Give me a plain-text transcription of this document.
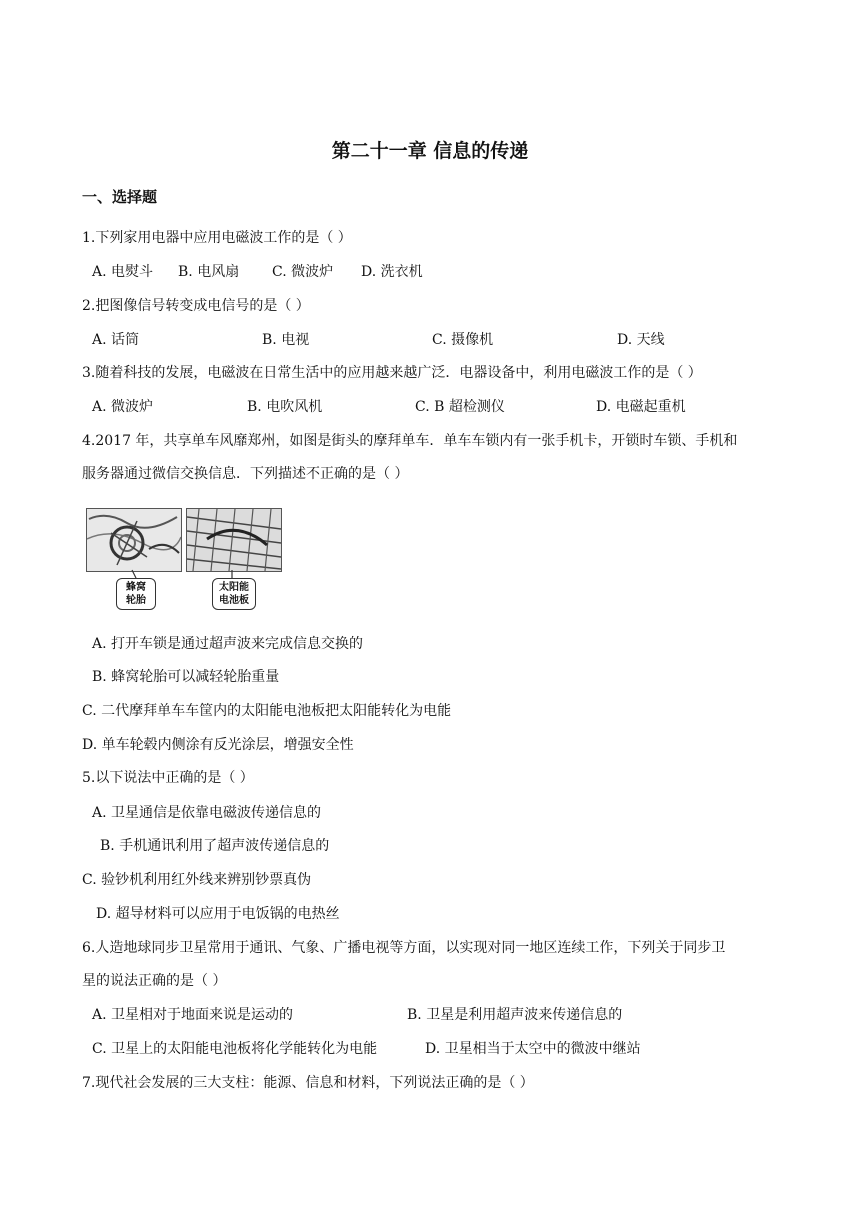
第二十一章 信息的传递
一、选择题
1.下列家用电器中应用电磁波工作的是（ ）
A. 电熨斗 B. 电风扇 C. 微波炉 D. 洗衣机
2.把图像信号转变成电信号的是（ ）
A. 话筒	B. 电视	C. 摄像机	D. 天线
3.随着科技的发展，电磁波在日常生活中的应用越来越广泛．电器设备中，利用电磁波工作的是（ ）
A. 微波炉	B. 电吹风机	C. B 超检测仪	D. 电磁起重机
4.2017 年，共享单车风靡郑州，如图是街头的摩拜单车．单车车锁内有一张手机卡，开锁时车锁、手机和
服务器通过微信交换信息．下列描述不正确的是（ ）
蜂窝
轮胎
太阳能
电池板
A. 打开车锁是通过超声波来完成信息交换的
B. 蜂窝轮胎可以减轻轮胎重量
C. 二代摩拜单车车筐内的太阳能电池板把太阳能转化为电能
D. 单车轮毂内侧涂有反光涂层，增强安全性
5.以下说法中正确的是（ ）
A. 卫星通信是依靠电磁波传递信息的
B. 手机通讯利用了超声波传递信息的
C. 验钞机利用红外线来辨别钞票真伪
D. 超导材料可以应用于电饭锅的电热丝
6.人造地球同步卫星常用于通讯、气象、广播电视等方面，以实现对同一地区连续工作，下列关于同步卫
星的说法正确的是（ ）
A. 卫星相对于地面来说是运动的	B. 卫星是利用超声波来传递信息的
C. 卫星上的太阳能电池板将化学能转化为电能	D. 卫星相当于太空中的微波中继站
7.现代社会发展的三大支柱：能源、信息和材料，下列说法正确的是（ ）
